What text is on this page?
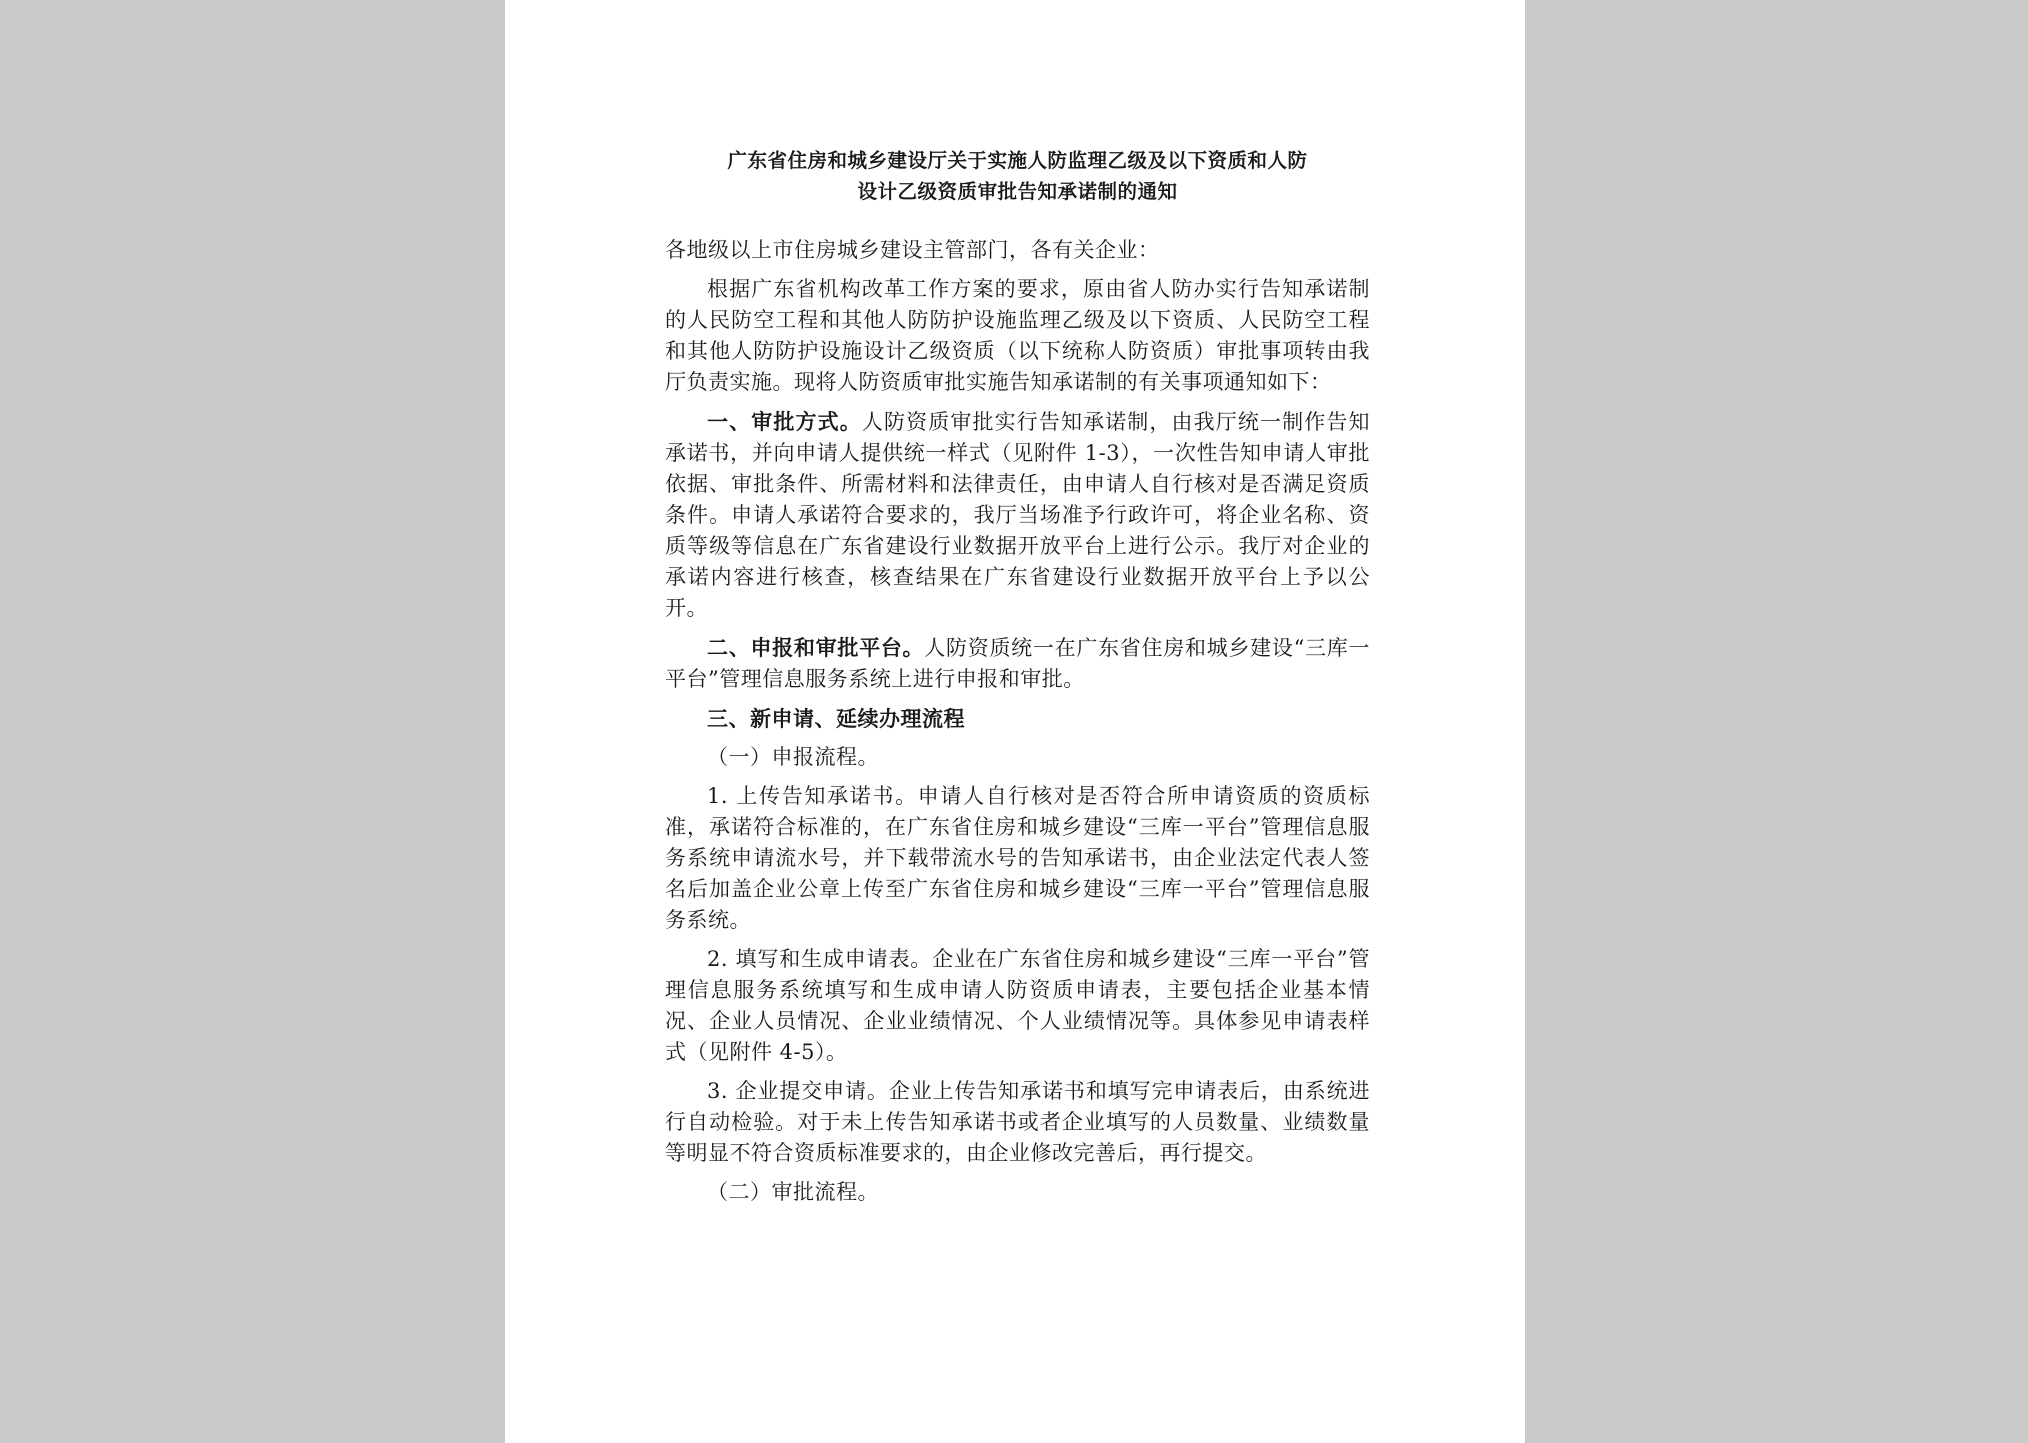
广东省住房和城乡建设厅关于实施人防监理乙级及以下资质和人防
设计乙级资质审批告知承诺制的通知

各地级以上市住房城乡建设主管部门，各有关企业：

根据广东省机构改革工作方案的要求，原由省人防办实行告知承诺制的人民防空工程和其他人防防护设施监理乙级及以下资质、人民防空工程和其他人防防护设施设计乙级资质（以下统称人防资质）审批事项转由我厅负责实施。现将人防资质审批实施告知承诺制的有关事项通知如下：

一、审批方式。人防资质审批实行告知承诺制，由我厅统一制作告知承诺书，并向申请人提供统一样式（见附件 1-3），一次性告知申请人审批依据、审批条件、所需材料和法律责任，由申请人自行核对是否满足资质条件。申请人承诺符合要求的，我厅当场准予行政许可，将企业名称、资质等级等信息在广东省建设行业数据开放平台上进行公示。我厅对企业的承诺内容进行核查，核查结果在广东省建设行业数据开放平台上予以公开。

二、申报和审批平台。人防资质统一在广东省住房和城乡建设“三库一平台”管理信息服务系统上进行申报和审批。

三、新申请、延续办理流程

（一）申报流程。

1. 上传告知承诺书。申请人自行核对是否符合所申请资质的资质标准，承诺符合标准的，在广东省住房和城乡建设“三库一平台”管理信息服务系统申请流水号，并下载带流水号的告知承诺书，由企业法定代表人签名后加盖企业公章上传至广东省住房和城乡建设“三库一平台”管理信息服务系统。

2. 填写和生成申请表。企业在广东省住房和城乡建设“三库一平台”管理信息服务系统填写和生成申请人防资质申请表，主要包括企业基本情况、企业人员情况、企业业绩情况、个人业绩情况等。具体参见申请表样式（见附件 4-5）。

3. 企业提交申请。企业上传告知承诺书和填写完申请表后，由系统进行自动检验。对于未上传告知承诺书或者企业填写的人员数量、业绩数量等明显不符合资质标准要求的，由企业修改完善后，再行提交。

（二）审批流程。
